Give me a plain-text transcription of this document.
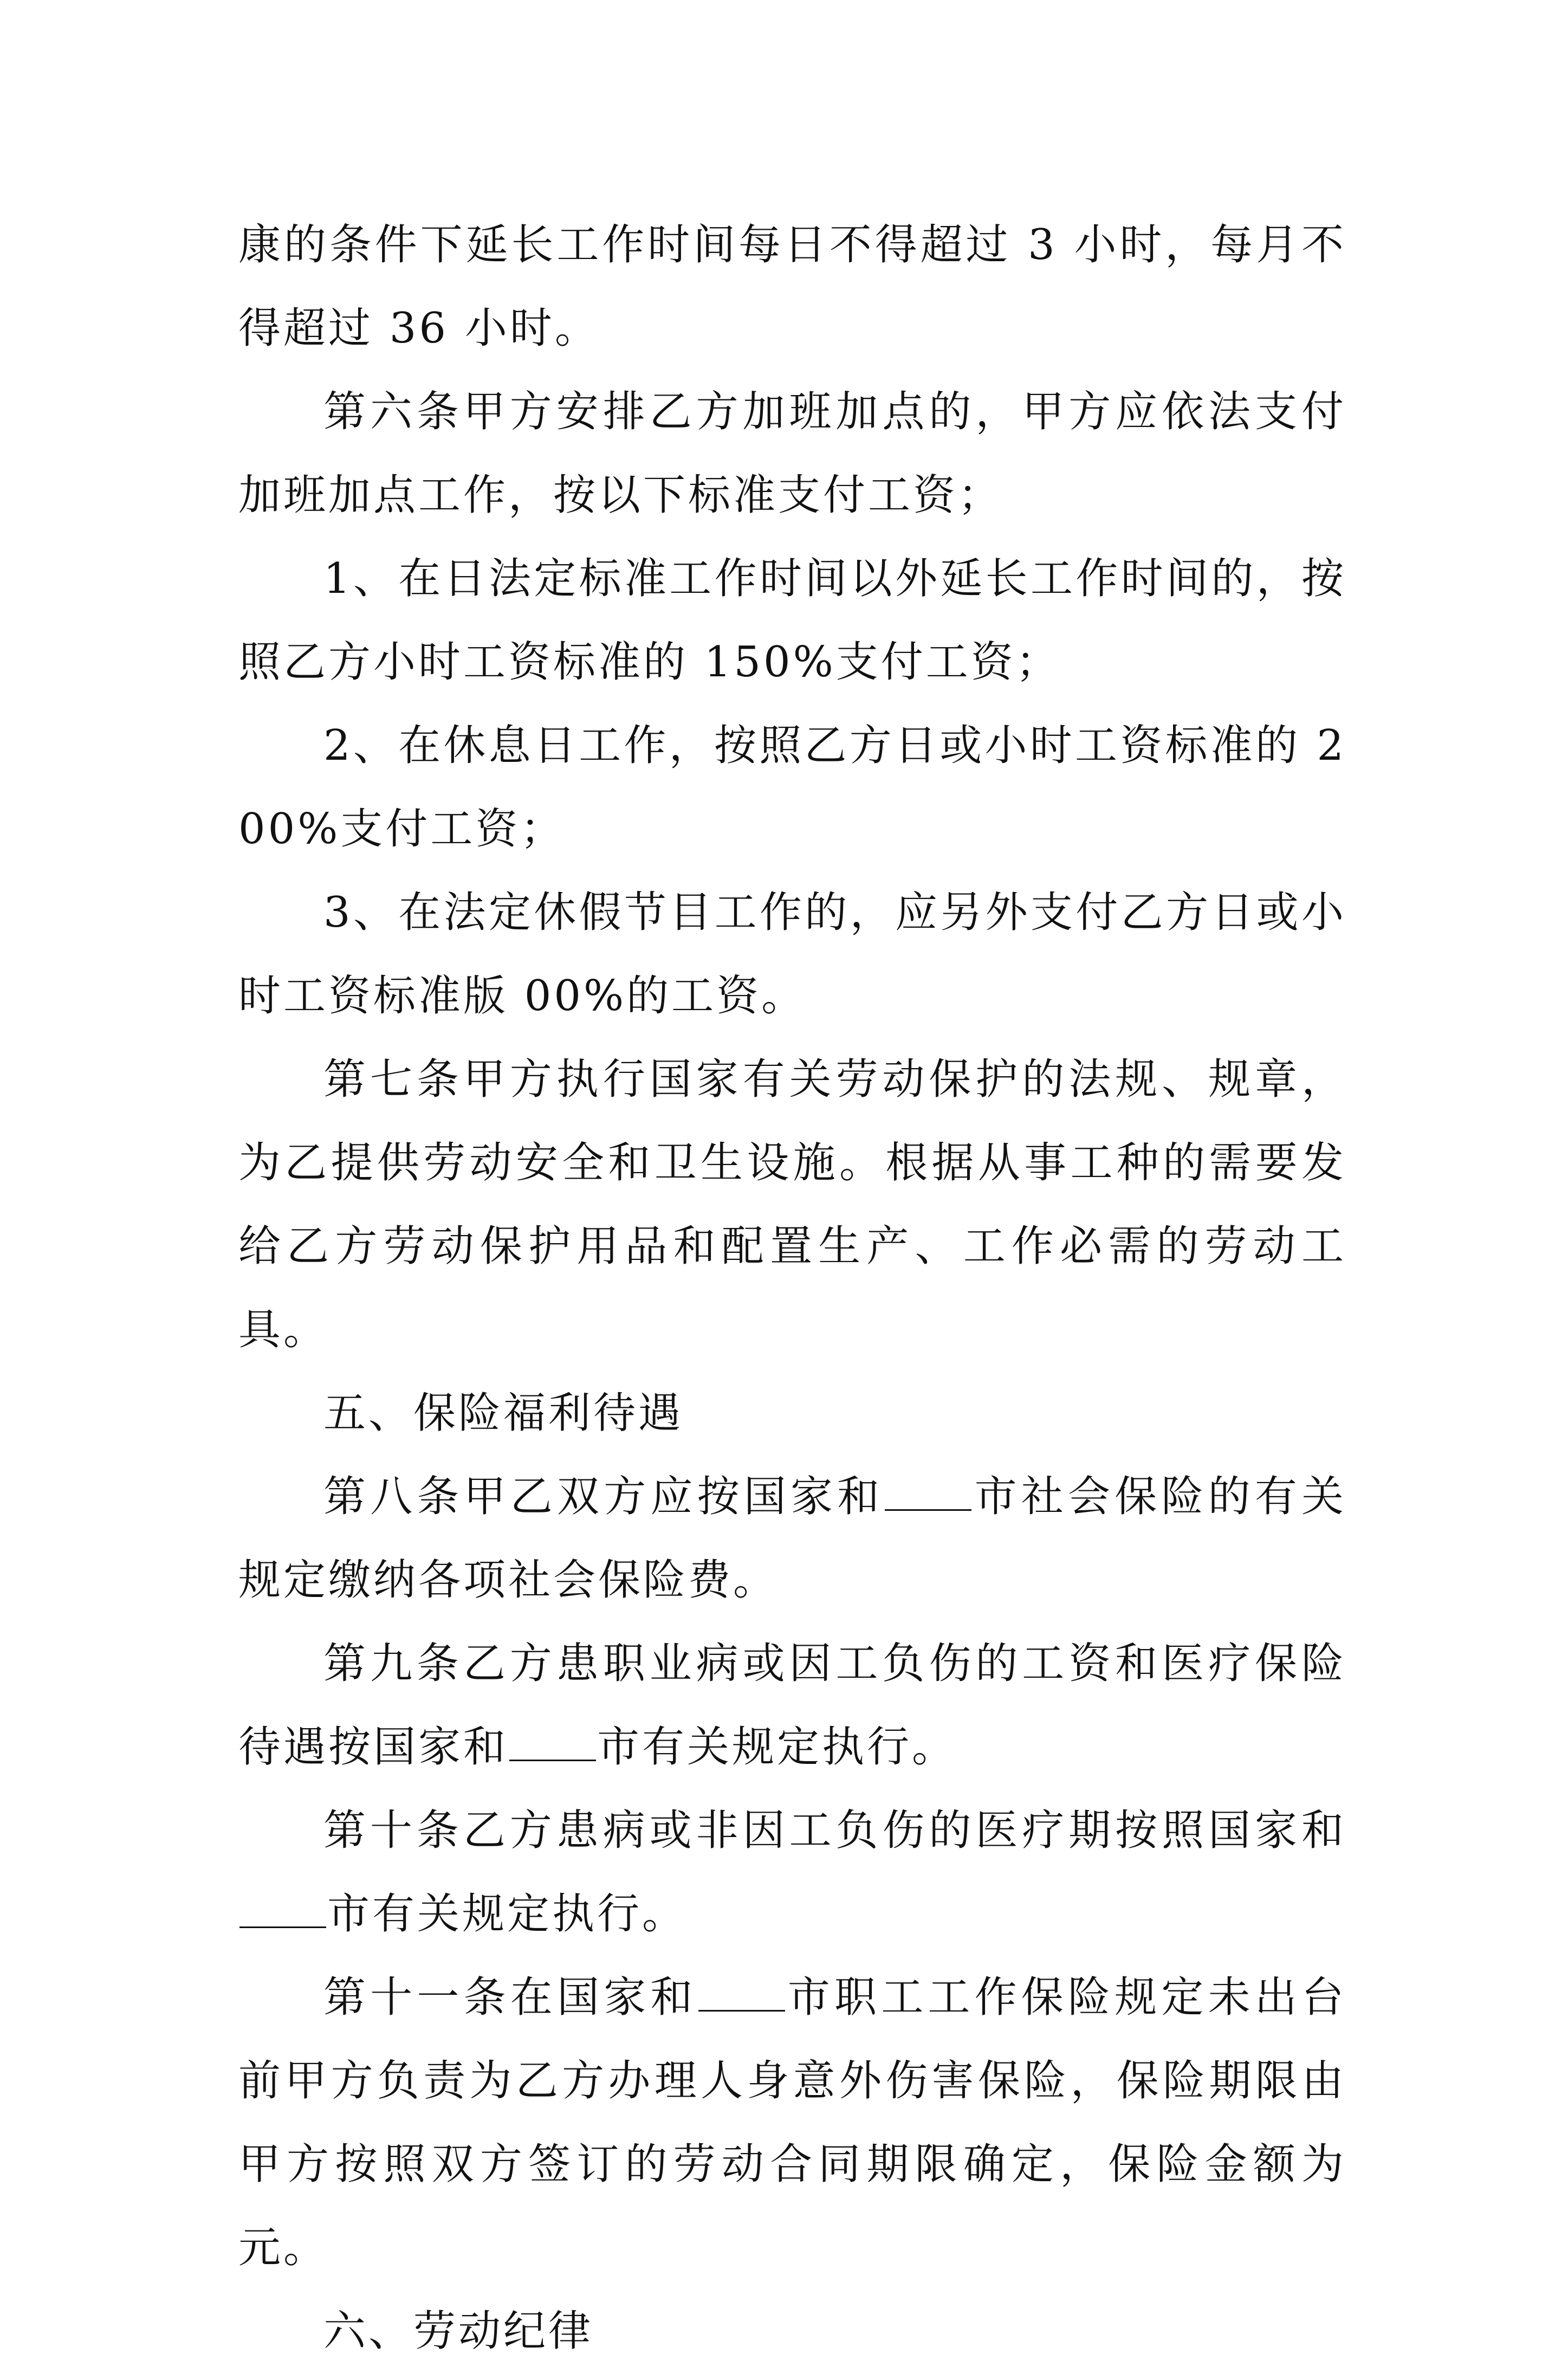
康的条件下延长工作时间每日不得超过 3 小时，每月不得超过 36 小时。

第六条甲方安排乙方加班加点的，甲方应依法支付加班加点工作，按以下标准支付工资；

1、在日法定标准工作时间以外延长工作时间的，按照乙方小时工资标准的 150%支付工资；

2、在休息日工作，按照乙方日或小时工资标准的 200%支付工资；

3、在法定休假节目工作的，应另外支付乙方日或小时工资标准版 00%的工资。

第七条甲方执行国家有关劳动保护的法规、规章，为乙提供劳动安全和卫生设施。根据从事工种的需要发给乙方劳动保护用品和配置生产、工作必需的劳动工具。

五、保险福利待遇

第八条甲乙双方应按国家和 市社会保险的有关规定缴纳各项社会保险费。

第九条乙方患职业病或因工负伤的工资和医疗保险待遇按国家和 市有关规定执行。

第十条乙方患病或非因工负伤的医疗期按照国家和市有关规定执行。

第十一条在国家和 市职工工作保险规定未出台前甲方负责为乙方办理人身意外伤害保险，保险期限由甲方按照双方签订的劳动合同期限确定，保险金额为 元。

六、劳动纪律
